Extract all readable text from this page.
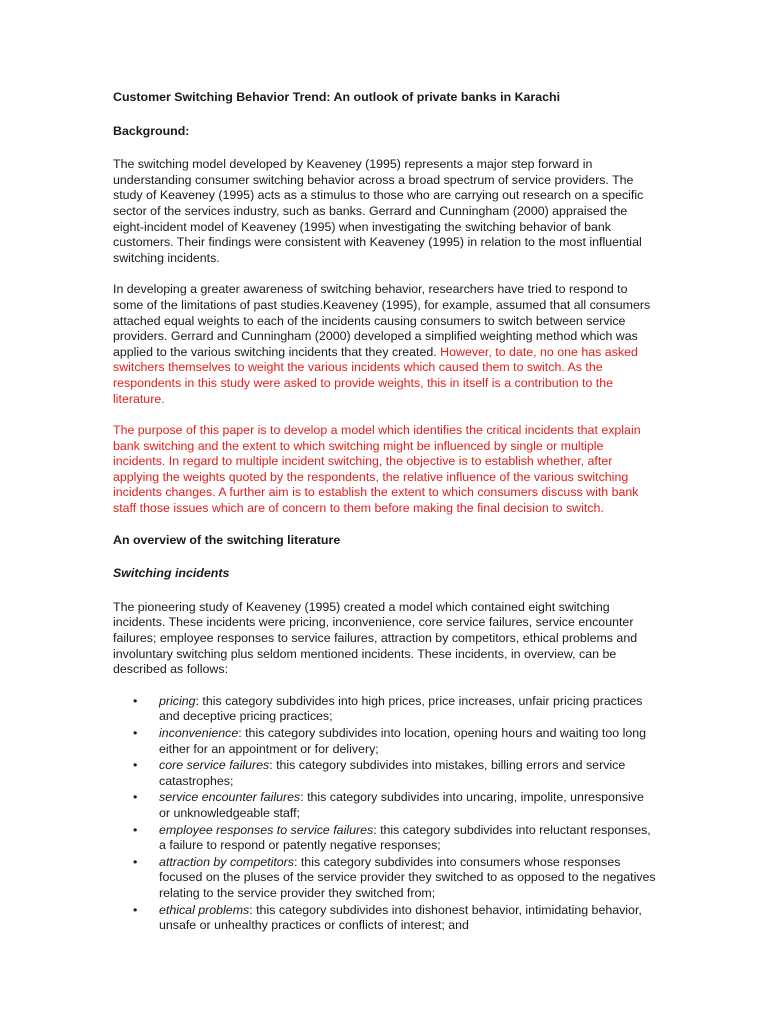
Customer Switching Behavior Trend: An outlook of private banks in Karachi
Background:

The switching model developed by Keaveney (1995) represents a major step forward in understanding consumer switching behavior across a broad spectrum of service providers. The study of Keaveney (1995) acts as a stimulus to those who are carrying out research on a specific sector of the services industry, such as banks. Gerrard and Cunningham (2000) appraised the eight-incident model of Keaveney (1995) when investigating the switching behavior of bank customers. Their findings were consistent with Keaveney (1995) in relation to the most influential switching incidents.

In developing a greater awareness of switching behavior, researchers have tried to respond to some of the limitations of past studies.Keaveney (1995), for example, assumed that all consumers attached equal weights to each of the incidents causing consumers to switch between service providers. Gerrard and Cunningham (2000) developed a simplified weighting method which was applied to the various switching incidents that they created. However, to date, no one has asked switchers themselves to weight the various incidents which caused them to switch. As the respondents in this study were asked to provide weights, this in itself is a contribution to the literature.

The purpose of this paper is to develop a model which identifies the critical incidents that explain bank switching and the extent to which switching might be influenced by single or multiple incidents. In regard to multiple incident switching, the objective is to establish whether, after applying the weights quoted by the respondents, the relative influence of the various switching incidents changes. A further aim is to establish the extent to which consumers discuss with bank staff those issues which are of concern to them before making the final decision to switch.

An overview of the switching literature
Switching incidents

The pioneering study of Keaveney (1995) created a model which contained eight switching incidents. These incidents were pricing, inconvenience, core service failures, service encounter failures; employee responses to service failures, attraction by competitors, ethical problems and involuntary switching plus seldom mentioned incidents. These incidents, in overview, can be described as follows:

• pricing: this category subdivides into high prices, price increases, unfair pricing practices and deceptive pricing practices;
• inconvenience: this category subdivides into location, opening hours and waiting too long either for an appointment or for delivery;
• core service failures: this category subdivides into mistakes, billing errors and service catastrophes;
• service encounter failures: this category subdivides into uncaring, impolite, unresponsive or unknowledgeable staff;
• employee responses to service failures: this category subdivides into reluctant responses, a failure to respond or patently negative responses;
• attraction by competitors: this category subdivides into consumers whose responses focused on the pluses of the service provider they switched to as opposed to the negatives relating to the service provider they switched from;
• ethical problems: this category subdivides into dishonest behavior, intimidating behavior, unsafe or unhealthy practices or conflicts of interest; and
